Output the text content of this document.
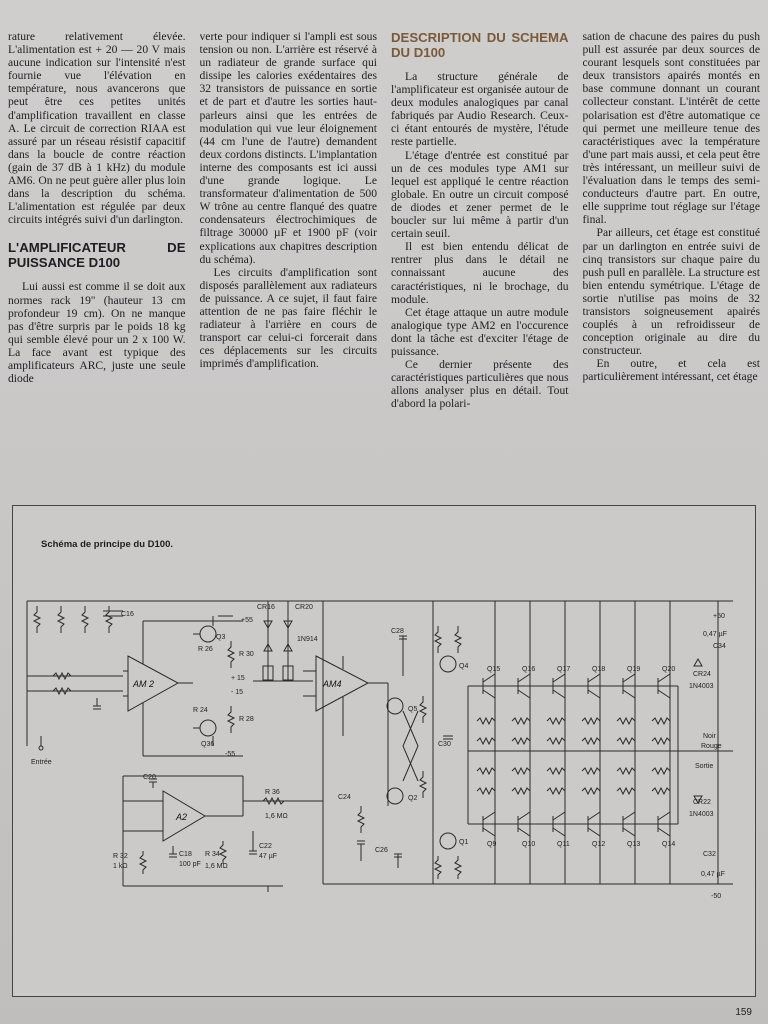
rature relativement élevée. L'alimentation est + 20 — 20 V mais aucune indication sur l'intensité n'est fournie vue l'élévation en température, nous avancerons que peut être ces petites unités d'amplification travaillent en classe A. Le circuit de correction RIAA est assuré par un réseau résistif capacitif dans la boucle de contre réaction (gain de 37 dB à 1 kHz) du module AM6. On ne peut guère aller plus loin dans la description du schéma. L'alimentation est régulée par deux circuits intégrés suivi d'un darlington.

L'AMPLIFICATEUR DE PUISSANCE D100

Lui aussi est comme il se doit aux normes rack 19'' (hauteur 13 cm profondeur 19 cm). On ne manque pas d'être surpris par le poids 18 kg qui semble élevé pour un 2 x 100 W. La face avant est typique des amplificateurs ARC, juste une seule diode

verte pour indiquer si l'ampli est sous tension ou non. L'arrière est réservé à un radiateur de grande surface qui dissipe les calories exédentaires des 32 transistors de puissance en sortie et de part et d'autre les sorties haut-parleurs ainsi que les entrées de modulation qui vue leur éloignement (44 cm l'une de l'autre) demandent deux cordons distincts. L'implantation interne des composants est ici aussi d'une grande logique. Le transformateur d'alimentation de 500 W trône au centre flanqué des quatre condensateurs électrochimiques de filtrage 30000 µF et 1900 pF (voir explications aux chapitres description du schéma).

Les circuits d'amplification sont disposés parallèlement aux radiateurs de puissance. A ce sujet, il faut faire attention de ne pas faire fléchir le radiateur à l'arrière en cours de transport car celui-ci forcerait dans ces déplacements sur les circuits imprimés d'amplification.

DESCRIPTION DU SCHEMA DU D100

La structure générale de l'amplificateur est organisée autour de deux modules analogiques par canal fabriqués par Audio Research. Ceux-ci étant entourés de mystère, l'étude reste partielle.

L'étage d'entrée est constitué par un de ces modules type AM1 sur lequel est appliqué le centre réaction globale. En outre un circuit composé de diodes et zener permet de le boucler sur lui même à partir d'un certain seuil.

Il est bien entendu délicat de rentrer plus dans le détail ne connaissant aucune des caractéristiques, ni le brochage, du module.

Cet étage attaque un autre module analogique type AM2 en l'occurence dont la tâche est d'exciter l'étage de puissance.

Ce dernier présente des caractéristiques particulières que nous allons analyser plus en détail. Tout d'abord la polari-

sation de chacune des paires du push pull est assurée par deux sources de courant lesquels sont constituées par deux transistors apairés montés en base commune donnant un courant collecteur constant. L'intérêt de cette polarisation est d'être automatique ce qui permet une meilleure tenue des caractéristiques avec la température d'une part mais aussi, et cela peut être très intéressant, un meilleur suivi de l'évaluation dans le temps des semi-conducteurs d'autre part. En outre, elle supprime tout réglage sur l'étage final.

Par ailleurs, cet étage est constitué par un darlington en entrée suivi de cinq transistors sur chaque paire du push pull en parallèle. La structure est bien entendu symétrique. L'étage de sortie n'utilise pas moins de 32 transistors soigneusement apairés couplés à un refroidisseur de conception originale au dire du constructeur.

En outre, et cela est particulièrement intéressant, cet étage

Schéma de principe du D100.
AM 2	AM4
A2
Entrée
Sortie
+50
-50
+55
-55
+ 15
- 15
R 26
R 30
R 28
R 24
Q36
C16
CR16	CR20
1N914
C20
R 36
1,6 MΩ
C22
47 µF
R 32
1 kΩ
R 34
1,6 MΩ
C18
100 pF
C24
C26
C28
C30
C32
0,47 µF
C34
0,47 µF
Q5
Q2
Q4
Q1
Q3
CR24
1N4003
CR22
1N4003
Noir
Rouge
Q15	Q16	Q17	Q18	Q19	Q20
Q9	Q10	Q11	Q12	Q13	Q14
159
